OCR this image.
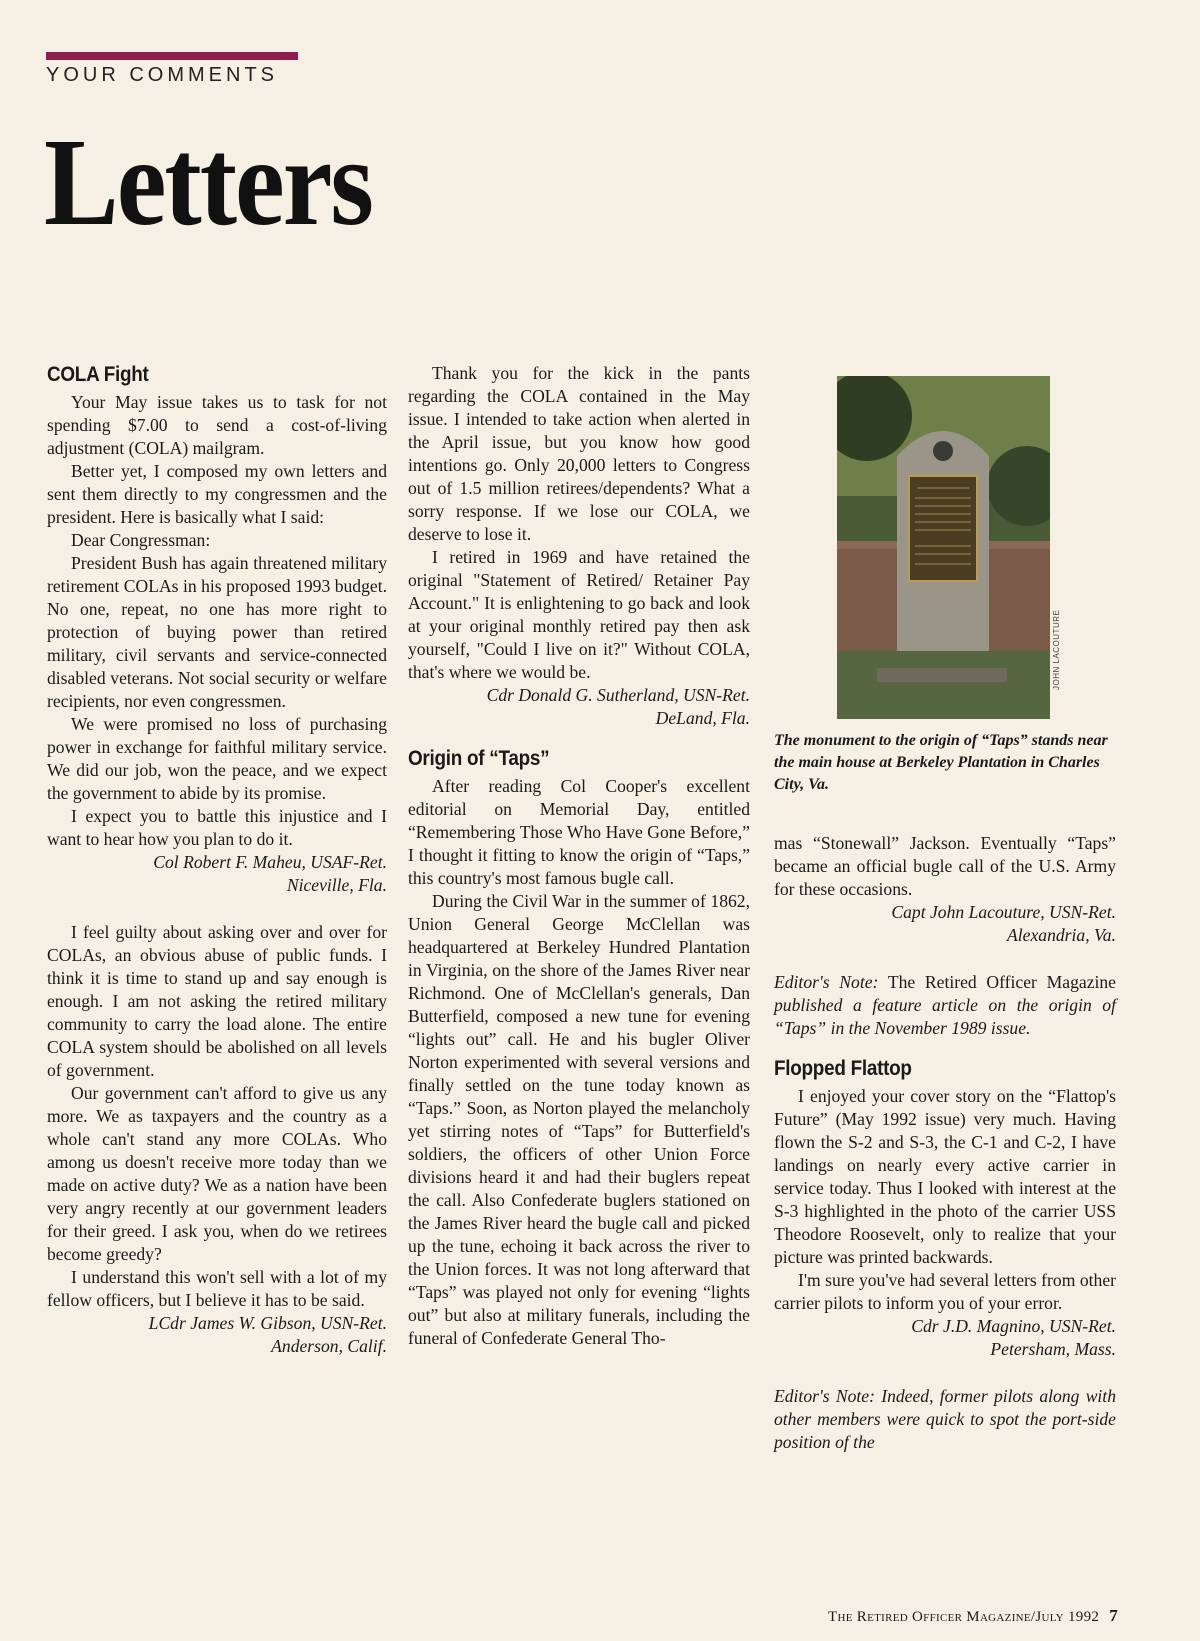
YOUR COMMENTS
Letters
COLA Fight

Your May issue takes us to task for not spending $7.00 to send a cost-of-living adjustment (COLA) mailgram.

Better yet, I composed my own letters and sent them directly to my congressmen and the president. Here is basically what I said:

Dear Congressman:

President Bush has again threatened military retirement COLAs in his proposed 1993 budget. No one, repeat, no one has more right to protection of buying power than retired military, civil servants and service-connected disabled veterans. Not social security or welfare recipients, nor even congressmen.

We were promised no loss of purchasing power in exchange for faithful military service. We did our job, won the peace, and we expect the government to abide by its promise.

I expect you to battle this injustice and I want to hear how you plan to do it.

Col Robert F. Maheu, USAF-Ret.
Niceville, Fla.

I feel guilty about asking over and over for COLAs, an obvious abuse of public funds. I think it is time to stand up and say enough is enough. I am not asking the retired military community to carry the load alone. The entire COLA system should be abolished on all levels of government.

Our government can't afford to give us any more. We as taxpayers and the country as a whole can't stand any more COLAs. Who among us doesn't receive more today than we made on active duty? We as a nation have been very angry recently at our government leaders for their greed. I ask you, when do we retirees become greedy?

I understand this won't sell with a lot of my fellow officers, but I believe it has to be said.

LCdr James W. Gibson, USN-Ret.
Anderson, Calif.

Thank you for the kick in the pants regarding the COLA contained in the May issue. I intended to take action when alerted in the April issue, but you know how good intentions go. Only 20,000 letters to Congress out of 1.5 million retirees/dependents? What a sorry response. If we lose our COLA, we deserve to lose it.

I retired in 1969 and have retained the original "Statement of Retired/ Retainer Pay Account." It is enlightening to go back and look at your original monthly retired pay then ask yourself, "Could I live on it?" Without COLA, that's where we would be.

Cdr Donald G. Sutherland, USN-Ret.
DeLand, Fla.

Origin of “Taps”

After reading Col Cooper's excellent editorial on Memorial Day, entitled “Remembering Those Who Have Gone Before,” I thought it fitting to know the origin of “Taps,” this country's most famous bugle call.

During the Civil War in the summer of 1862, Union General George McClellan was headquartered at Berkeley Hundred Plantation in Virginia, on the shore of the James River near Richmond. One of McClellan's generals, Dan Butterfield, composed a new tune for evening “lights out” call. He and his bugler Oliver Norton experimented with several versions and finally settled on the tune today known as “Taps.” Soon, as Norton played the melancholy yet stirring notes of “Taps” for Butterfield's soldiers, the officers of other Union Force divisions heard it and had their buglers repeat the call. Also Confederate buglers stationed on the James River heard the bugle call and picked up the tune, echoing it back across the river to the Union forces. It was not long afterward that “Taps” was played not only for evening “lights out” but also at military funerals, including the funeral of Confederate General Tho-

JOHN LACOUTURE
The monument to the origin of “Taps” stands near the main house at Berkeley Plantation in Charles City, Va.

mas “Stonewall” Jackson. Eventually “Taps” became an official bugle call of the U.S. Army for these occasions.

Capt John Lacouture, USN-Ret.
Alexandria, Va.

Editor's Note: The Retired Officer Magazine published a feature article on the origin of “Taps” in the November 1989 issue.

Flopped Flattop

I enjoyed your cover story on the “Flattop's Future” (May 1992 issue) very much. Having flown the S-2 and S-3, the C-1 and C-2, I have landings on nearly every active carrier in service today. Thus I looked with interest at the S-3 highlighted in the photo of the carrier USS Theodore Roosevelt, only to realize that your picture was printed backwards.

I'm sure you've had several letters from other carrier pilots to inform you of your error.

Cdr J.D. Magnino, USN-Ret.
Petersham, Mass.

Editor's Note: Indeed, former pilots along with other members were quick to spot the port-side position of the

The Retired Officer Magazine/July 1992 7
